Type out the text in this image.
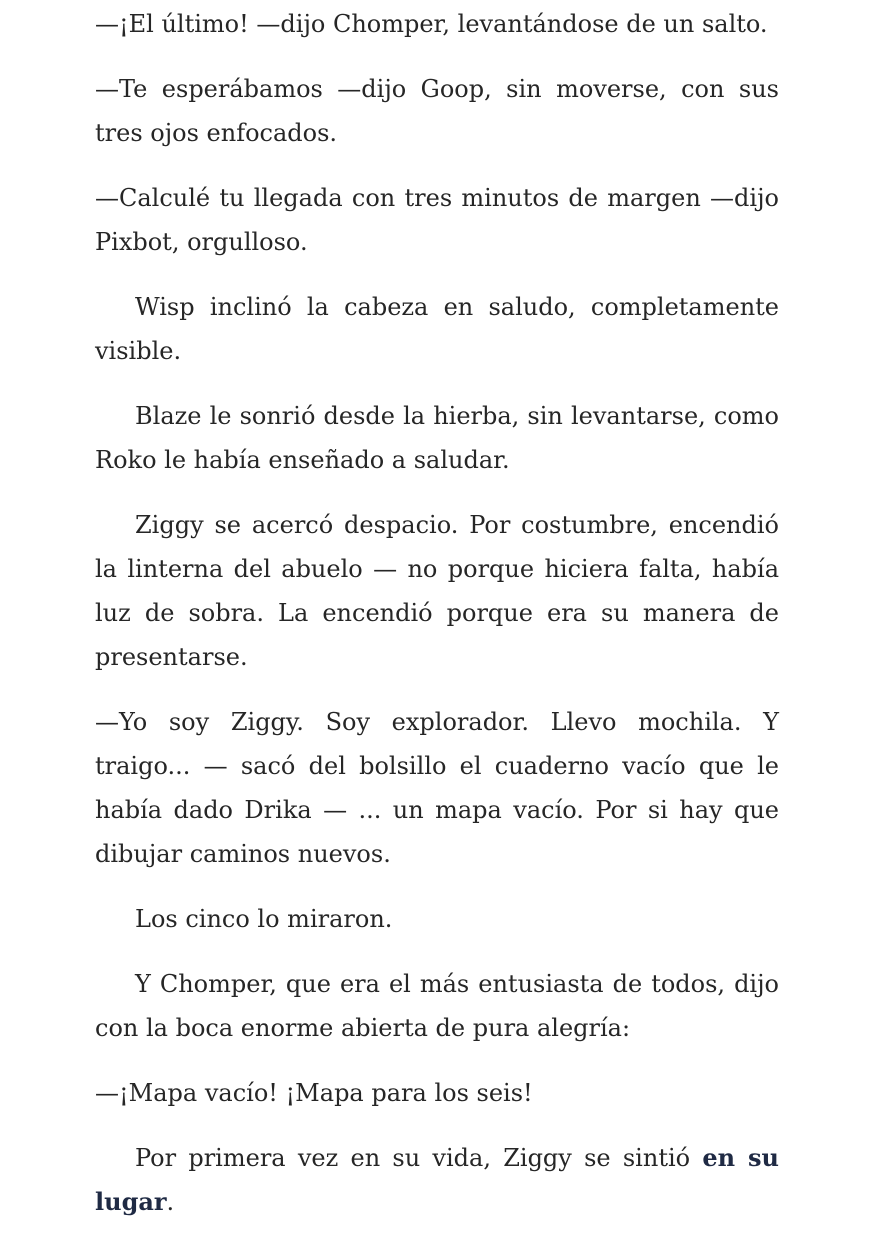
—¡El último! —dijo Chomper, levantándose de un salto.

—Te esperábamos —dijo Goop, sin moverse, con sus tres ojos enfocados.

—Calculé tu llegada con tres minutos de margen —dijo Pixbot, orgulloso.

Wisp inclinó la cabeza en saludo, completamente visible.

Blaze le sonrió desde la hierba, sin levantarse, como Roko le había enseñado a saludar.

Ziggy se acercó despacio. Por costumbre, encendió la linterna del abuelo — no porque hiciera falta, había luz de sobra. La encendió porque era su manera de presentarse.

—Yo soy Ziggy. Soy explorador. Llevo mochila. Y traigo... — sacó del bolsillo el cuaderno vacío que le había dado Drika — ... un mapa vacío. Por si hay que dibujar caminos nuevos.

Los cinco lo miraron.

Y Chomper, que era el más entusiasta de todos, dijo con la boca enorme abierta de pura alegría:

—¡Mapa vacío! ¡Mapa para los seis!

Por primera vez en su vida, Ziggy se sintió en su lugar.
